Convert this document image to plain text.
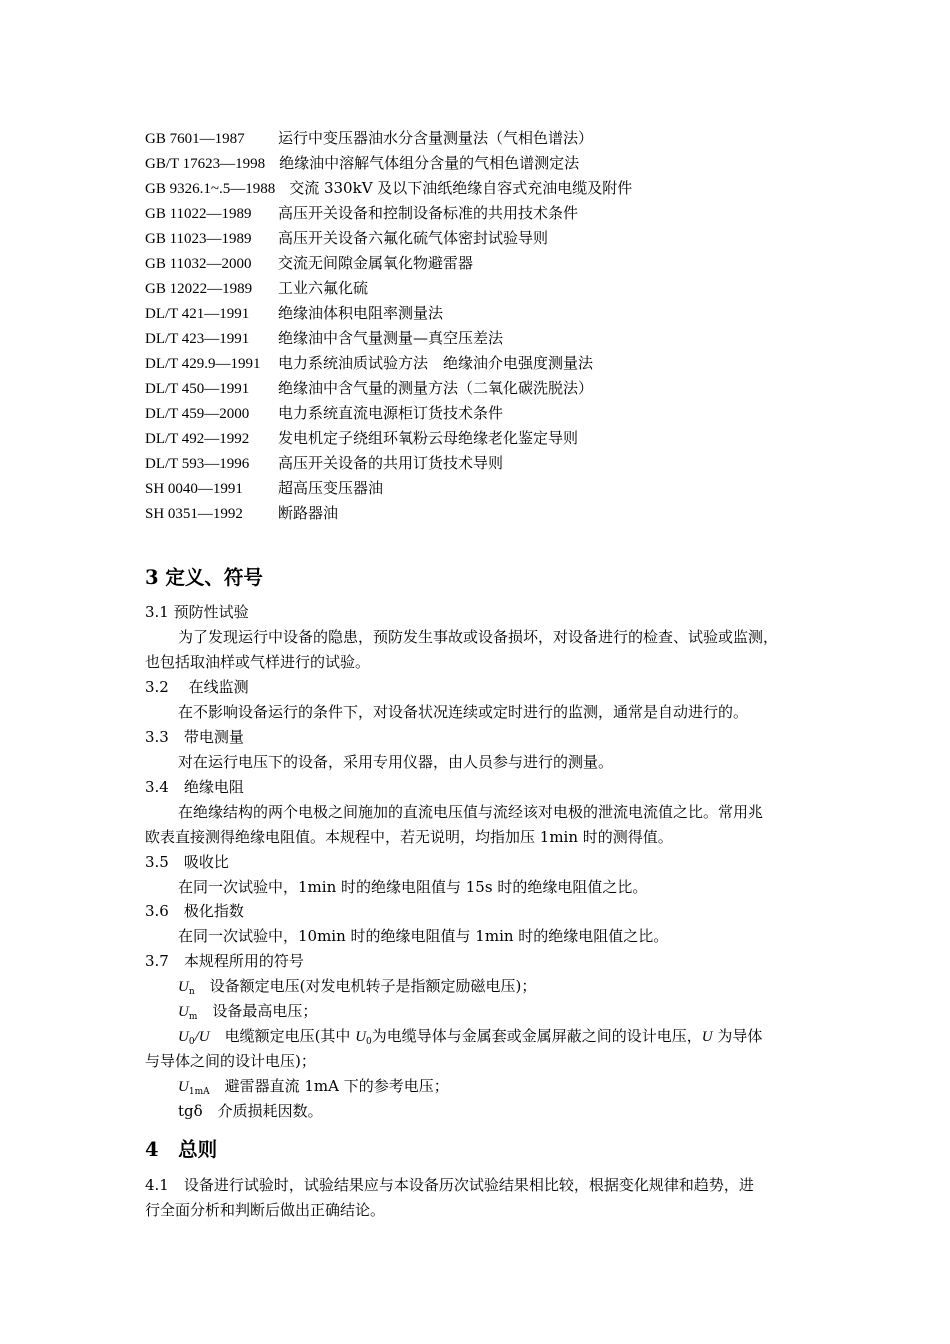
GB 7601—1987 运行中变压器油水分含量测量法（气相色谱法）
GB/T 17623—1998 绝缘油中溶解气体组分含量的气相色谱测定法
GB 9326.1~.5—1988 交流 330kV 及以下油纸绝缘自容式充油电缆及附件
GB 11022—1989 高压开关设备和控制设备标准的共用技术条件
GB 11023—1989 高压开关设备六氟化硫气体密封试验导则
GB 11032—2000 交流无间隙金属氧化物避雷器
GB 12022—1989 工业六氟化硫
DL/T 421—1991 绝缘油体积电阻率测量法
DL/T 423—1991 绝缘油中含气量测量—真空压差法
DL/T 429.9—1991 电力系统油质试验方法　绝缘油介电强度测量法
DL/T 450—1991 绝缘油中含气量的测量方法（二氧化碳洗脱法）
DL/T 459—2000 电力系统直流电源柜订货技术条件
DL/T 492—1992 发电机定子绕组环氧粉云母绝缘老化鉴定导则
DL/T 593—1996 高压开关设备的共用订货技术导则
SH 0040—1991 超高压变压器油
SH 0351—1992 断路器油
3 定义、符号
3.1 预防性试验
为了发现运行中设备的隐患，预防发生事故或设备损坏，对设备进行的检查、试验或监测，
也包括取油样或气样进行的试验。
3.2　 在线监测
在不影响设备运行的条件下，对设备状况连续或定时进行的监测，通常是自动进行的。
3.3　带电测量
对在运行电压下的设备，采用专用仪器，由人员参与进行的测量。
3.4　绝缘电阻
在绝缘结构的两个电极之间施加的直流电压值与流经该对电极的泄流电流值之比。常用兆
欧表直接测得绝缘电阻值。本规程中，若无说明，均指加压 1min 时的测得值。
3.5　吸收比
在同一次试验中，1min 时的绝缘电阻值与 15s 时的绝缘电阻值之比。
3.6　极化指数
在同一次试验中，10min 时的绝缘电阻值与 1min 时的绝缘电阻值之比。
3.7　本规程所用的符号
$U_n$　设备额定电压(对发电机转子是指额定励磁电压)；
$U_m$　设备最高电压；
$U_0/U$　电缆额定电压(其中 $U_0$为电缆导体与金属套或金属屏蔽之间的设计电压，U 为导体
与导体之间的设计电压)；
$U_{1mA}$　避雷器直流 1mA 下的参考电压；
tgδ　介质损耗因数。
4　总则
4.1　设备进行试验时，试验结果应与本设备历次试验结果相比较，根据变化规律和趋势，进
行全面分析和判断后做出正确结论。
